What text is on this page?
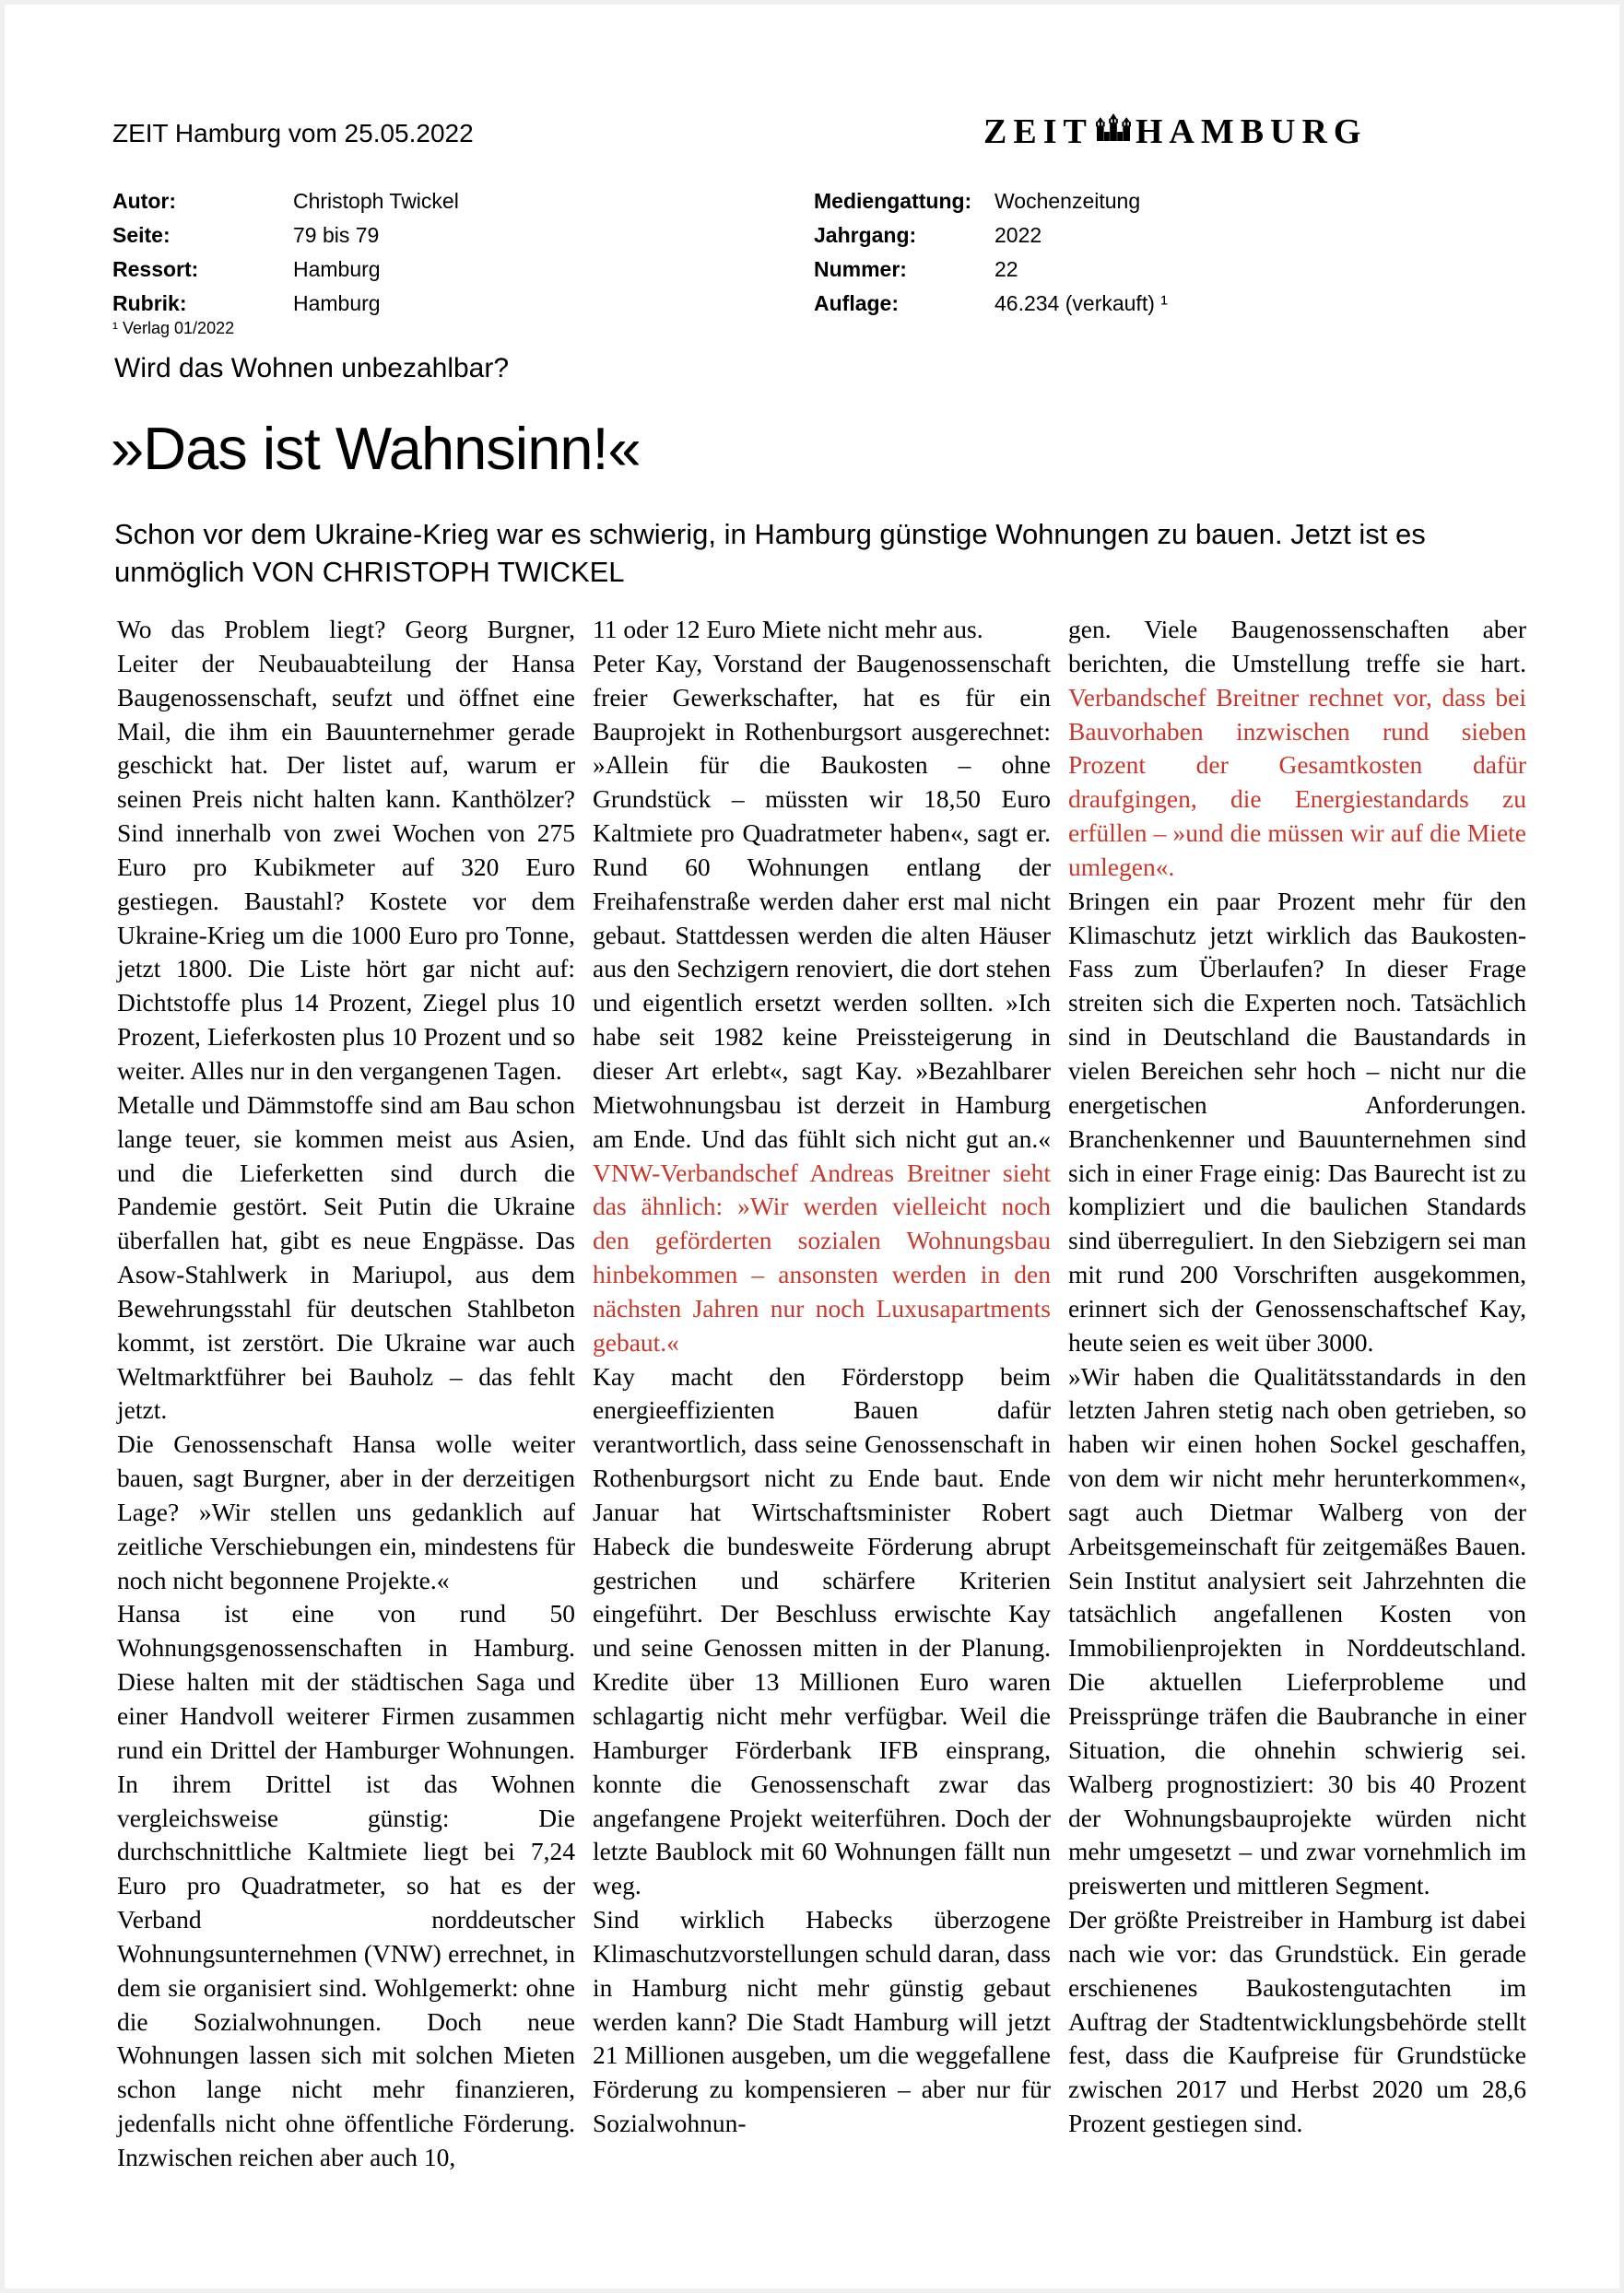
ZEIT Hamburg vom 25.05.2022	ZEIT HAMBURG
Autor:	Christoph Twickel
Seite:	79 bis 79
Ressort:	Hamburg
Rubrik:	Hamburg
Mediengattung:	Wochenzeitung
Jahrgang:	2022
Nummer:	22
Auflage:	46.234 (verkauft) ¹
¹ Verlag 01/2022
Wird das Wohnen unbezahlbar?
»Das ist Wahnsinn!«
Schon vor dem Ukraine-Krieg war es schwierig, in Hamburg günstige Wohnungen zu bauen. Jetzt ist es unmöglich VON CHRISTOPH TWICKEL

Wo das Problem liegt? Georg Burgner, Leiter der Neubauabteilung der Hansa Baugenossenschaft, seufzt und öffnet eine Mail, die ihm ein Bauunternehmer gerade geschickt hat. Der listet auf, warum er seinen Preis nicht halten kann. Kanthölzer? Sind innerhalb von zwei Wochen von 275 Euro pro Kubikmeter auf 320 Euro gestiegen. Baustahl? Kostete vor dem Ukraine-Krieg um die 1000 Euro pro Tonne, jetzt 1800. Die Liste hört gar nicht auf: Dichtstoffe plus 14 Prozent, Ziegel plus 10 Prozent, Lieferkosten plus 10 Prozent und so weiter. Alles nur in den vergangenen Tagen.

Metalle und Dämmstoffe sind am Bau schon lange teuer, sie kommen meist aus Asien, und die Lieferketten sind durch die Pandemie gestört. Seit Putin die Ukraine überfallen hat, gibt es neue Engpässe. Das Asow-Stahlwerk in Mariupol, aus dem Bewehrungsstahl für deutschen Stahlbeton kommt, ist zerstört. Die Ukraine war auch Weltmarktführer bei Bauholz – das fehlt jetzt.

Die Genossenschaft Hansa wolle weiter bauen, sagt Burgner, aber in der derzeitigen Lage? »Wir stellen uns gedanklich auf zeitliche Verschiebungen ein, mindestens für noch nicht begonnene Projekte.«

Hansa ist eine von rund 50 Wohnungsgenossenschaften in Hamburg. Diese halten mit der städtischen Saga und einer Handvoll weiterer Firmen zusammen rund ein Drittel der Hamburger Wohnungen. In ihrem Drittel ist das Wohnen vergleichsweise günstig: Die durchschnittliche Kaltmiete liegt bei 7,24 Euro pro Quadratmeter, so hat es der Verband norddeutscher Wohnungsunternehmen (VNW) errechnet, in dem sie organisiert sind. Wohlgemerkt: ohne die Sozialwohnungen. Doch neue Wohnungen lassen sich mit solchen Mieten schon lange nicht mehr finanzieren, jedenfalls nicht ohne öffentliche Förderung. Inzwischen reichen aber auch 10,

11 oder 12 Euro Miete nicht mehr aus.

Peter Kay, Vorstand der Baugenossenschaft freier Gewerkschafter, hat es für ein Bauprojekt in Rothenburgsort ausgerechnet: »Allein für die Baukosten – ohne Grundstück – müssten wir 18,50 Euro Kaltmiete pro Quadratmeter haben«, sagt er. Rund 60 Wohnungen entlang der Freihafenstraße werden daher erst mal nicht gebaut. Stattdessen werden die alten Häuser aus den Sechzigern renoviert, die dort stehen und eigentlich ersetzt werden sollten. »Ich habe seit 1982 keine Preissteigerung in dieser Art erlebt«, sagt Kay. »Bezahlbarer Mietwohnungsbau ist derzeit in Hamburg am Ende. Und das fühlt sich nicht gut an.« VNW-Verbandschef Andreas Breitner sieht das ähnlich: »Wir werden vielleicht noch den geförderten sozialen Wohnungsbau hinbekommen – ansonsten werden in den nächsten Jahren nur noch Luxusapartments gebaut.«

Kay macht den Förderstopp beim energieeffizienten Bauen dafür verantwortlich, dass seine Genossenschaft in Rothenburgsort nicht zu Ende baut. Ende Januar hat Wirtschaftsminister Robert Habeck die bundesweite Förderung abrupt gestrichen und schärfere Kriterien eingeführt. Der Beschluss erwischte Kay und seine Genossen mitten in der Planung. Kredite über 13 Millionen Euro waren schlagartig nicht mehr verfügbar. Weil die Hamburger Förderbank IFB einsprang, konnte die Genossenschaft zwar das angefangene Projekt weiterführen. Doch der letzte Baublock mit 60 Wohnungen fällt nun weg.

Sind wirklich Habecks überzogene Klimaschutzvorstellungen schuld daran, dass in Hamburg nicht mehr günstig gebaut werden kann? Die Stadt Hamburg will jetzt 21 Millionen ausgeben, um die weggefallene Förderung zu kompensieren – aber nur für Sozialwohnun-

gen. Viele Baugenossenschaften aber berichten, die Umstellung treffe sie hart. Verbandschef Breitner rechnet vor, dass bei Bauvorhaben inzwischen rund sieben Prozent der Gesamtkosten dafür draufgingen, die Energiestandards zu erfüllen – »und die müssen wir auf die Miete umlegen«.

Bringen ein paar Prozent mehr für den Klimaschutz jetzt wirklich das Baukosten-Fass zum Überlaufen? In dieser Frage streiten sich die Experten noch. Tatsächlich sind in Deutschland die Baustandards in vielen Bereichen sehr hoch – nicht nur die energetischen Anforderungen. Branchenkenner und Bauunternehmen sind sich in einer Frage einig: Das Baurecht ist zu kompliziert und die baulichen Standards sind überreguliert. In den Siebzigern sei man mit rund 200 Vorschriften ausgekommen, erinnert sich der Genossenschaftschef Kay, heute seien es weit über 3000.

»Wir haben die Qualitätsstandards in den letzten Jahren stetig nach oben getrieben, so haben wir einen hohen Sockel geschaffen, von dem wir nicht mehr herunterkommen«, sagt auch Dietmar Walberg von der Arbeitsgemeinschaft für zeitgemäßes Bauen. Sein Institut analysiert seit Jahrzehnten die tatsächlich angefallenen Kosten von Immobilienprojekten in Norddeutschland. Die aktuellen Lieferprobleme und Preissprünge träfen die Baubranche in einer Situation, die ohnehin schwierig sei. Walberg prognostiziert: 30 bis 40 Prozent der Wohnungsbauprojekte würden nicht mehr umgesetzt – und zwar vornehmlich im preiswerten und mittleren Segment.

Der größte Preistreiber in Hamburg ist dabei nach wie vor: das Grundstück. Ein gerade erschienenes Baukostengutachten im Auftrag der Stadtentwicklungsbehörde stellt fest, dass die Kaufpreise für Grundstücke zwischen 2017 und Herbst 2020 um 28,6 Prozent gestiegen sind.
